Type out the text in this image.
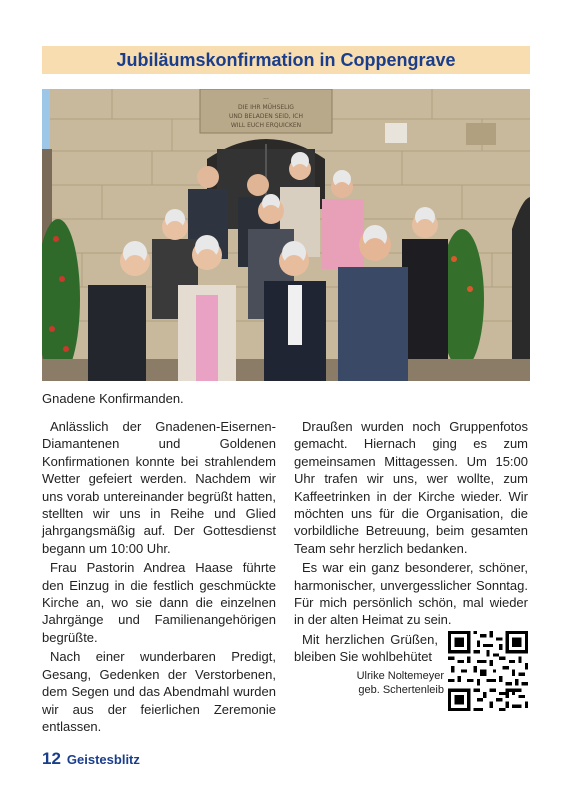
Jubiläumskonfirmation in Coppengrave
...
DIE IHR MÜHSELIG
UND BELADEN SEID, ICH
WILL EUCH ERQUICKEN
Gnadene Konfirmanden.

Anlässlich der Gnadenen-Eisernen-Diamantenen und Goldenen Konfirmationen konnte bei strahlendem Wetter gefeiert werden. Nachdem wir uns vorab untereinander begrüßt hatten, stellten wir uns in Reihe und Glied jahrgangsmäßig auf. Der Gottesdienst begann um 10:00 Uhr.

Frau Pastorin Andrea Haase führte den Einzug in die festlich geschmückte Kirche an, wo sie dann die einzelnen Jahrgänge und Familienangehörigen begrüßte.

Nach einer wunderbaren Predigt, Gesang, Gedenken der Verstorbenen, dem Segen und das Abendmahl wurden wir aus der feierlichen Zeremonie entlassen.

Draußen wurden noch Gruppenfotos gemacht. Hiernach ging es zum gemeinsamen Mittagessen. Um 15:00 Uhr trafen wir uns, wer wollte, zum Kaffeetrinken in der Kirche wieder. Wir möchten uns für die Organisation, die vorbildliche Betreuung, beim gesamten Team sehr herzlich bedanken.

Es war ein ganz besonderer, schöner, harmonischer, unvergesslicher Sonntag. Für mich persönlich schön, mal wieder in der alten Heimat zu sein.

Mit herzlichen Grüßen, bleiben Sie wohlbehütet

Ulrike Noltemeyer
geb. Schertenleib
12 Geistesblitz
